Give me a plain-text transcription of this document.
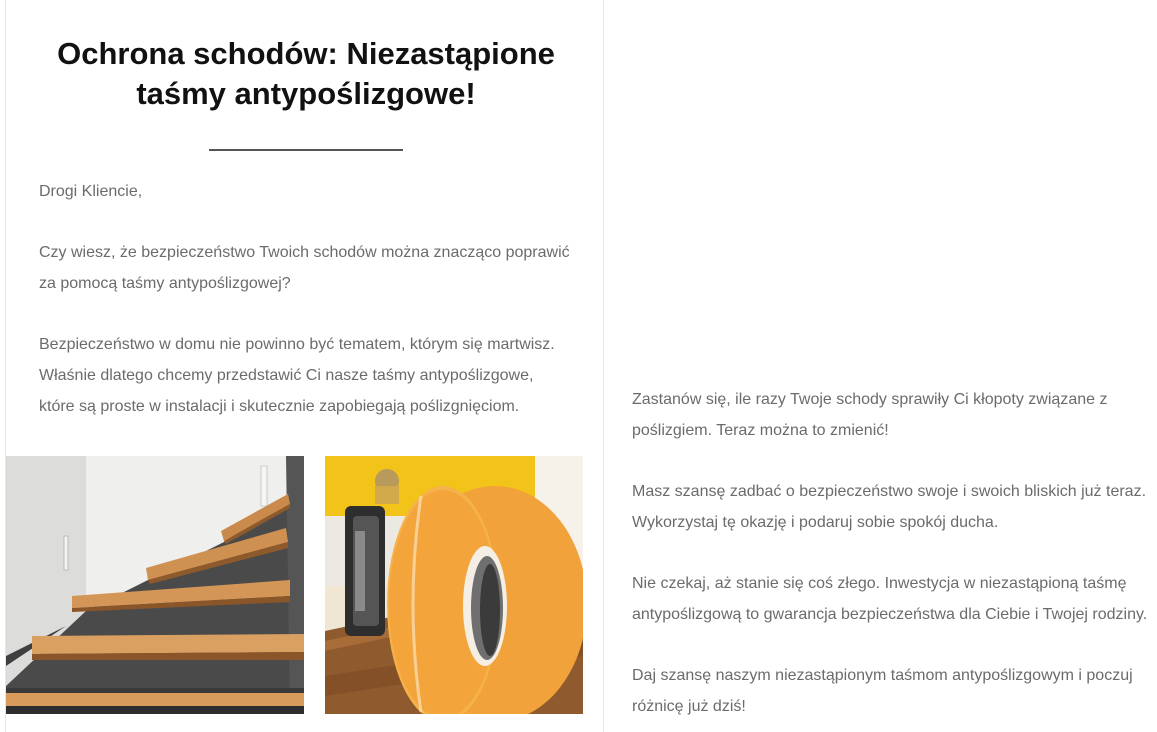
Ochrona schodów: Niezastąpione
taśmy antypoślizgowe!

Drogi Kliencie,

Czy wiesz, że bezpieczeństwo Twoich schodów można znacząco poprawić
za pomocą taśmy antypoślizgowej?

Bezpieczeństwo w domu nie powinno być tematem, którym się martwisz.
Właśnie dlatego chcemy przedstawić Ci nasze taśmy antypoślizgowe,
które są proste w instalacji i skutecznie zapobiegają poślizgnięciom.	Zastanów się, ile razy Twoje schody sprawiły Ci kłopoty związane z
poślizgiem. Teraz można to zmienić!

Masz szansę zadbać o bezpieczeństwo swoje i swoich bliskich już teraz.
Wykorzystaj tę okazję i podaruj sobie spokój ducha.

Nie czekaj, aż stanie się coś złego. Inwestycja w niezastąpioną taśmę
antypoślizgową to gwarancja bezpieczeństwa dla Ciebie i Twojej rodziny.

Daj szansę naszym niezastąpionym taśmom antypoślizgowym i poczuj
różnicę już dziś!
